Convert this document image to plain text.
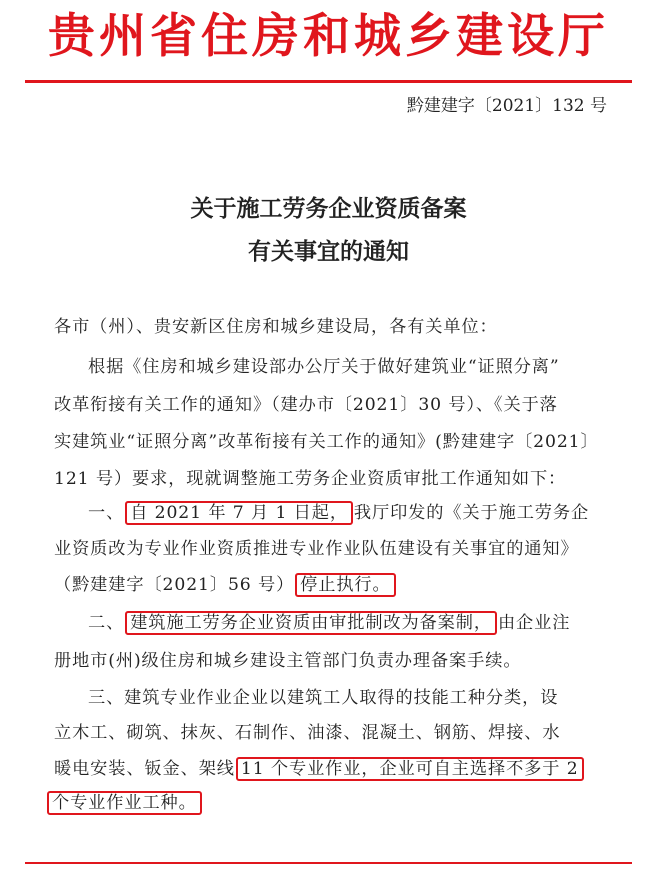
贵州省住房和城乡建设厅
黔建建字〔2021〕132 号
关于施工劳务企业资质备案
有关事宜的通知
各市（州）、贵安新区住房和城乡建设局，各有关单位：
根据《住房和城乡建设部办公厅关于做好建筑业“证照分离”
改革衔接有关工作的通知》（建办市〔2021〕30 号）、《关于落
实建筑业“证照分离”改革衔接有关工作的通知》(黔建建字〔2021〕
121 号）要求，现就调整施工劳务企业资质审批工作通知如下：
一、 自 2021 年 7 月 1 日起， 我厅印发的《关于施工劳务企
业资质改为专业作业资质推进专业作业队伍建设有关事宜的通知》
（黔建建字〔2021〕56 号） 停止执行。
二、 建筑施工劳务企业资质由审批制改为备案制， 由企业注
册地市(州)级住房和城乡建设主管部门负责办理备案手续。
三、建筑专业作业企业以建筑工人取得的技能工种分类，设
立木工、砌筑、抹灰、石制作、油漆、混凝土、钢筋、焊接、水
暖电安装、钣金、架线 11 个专业作业，企业可自主选择不多于 2
个专业作业工种。
